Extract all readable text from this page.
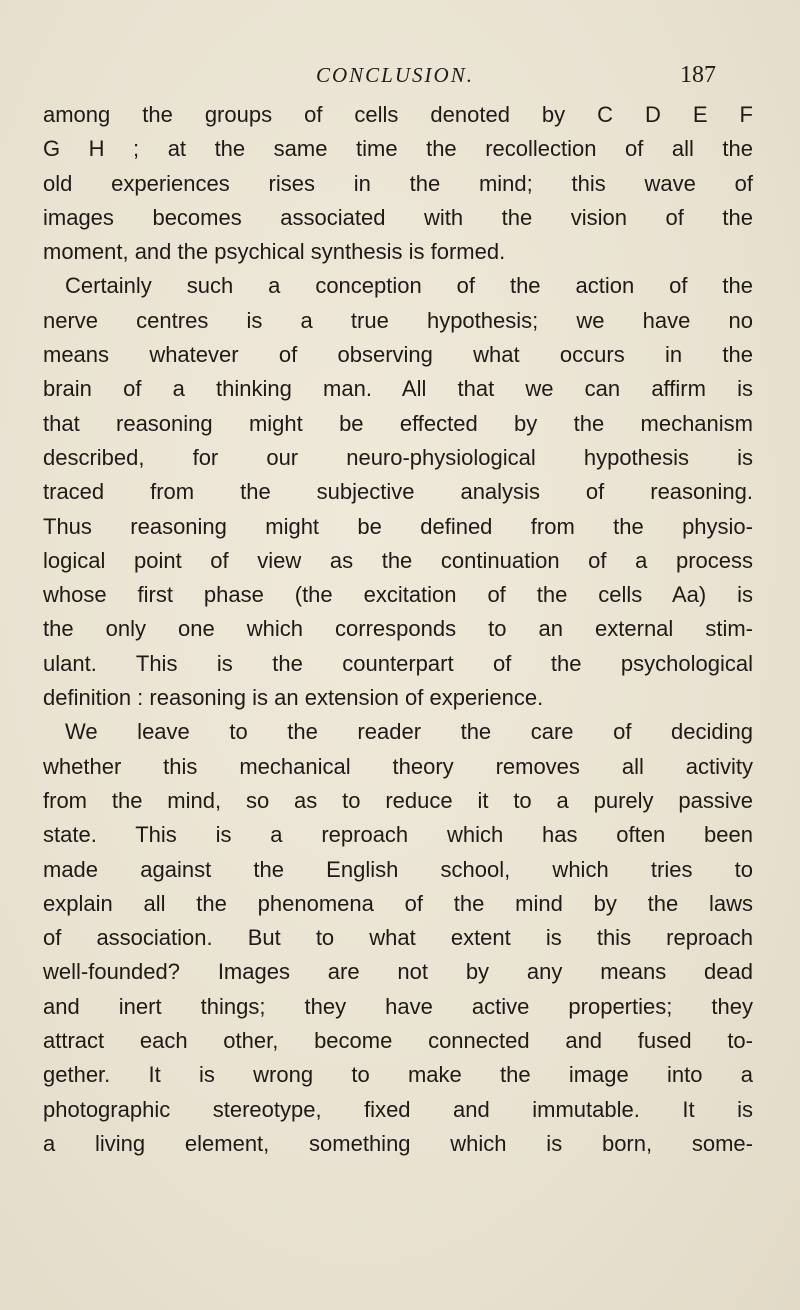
CONCLUSION.	187
among the groups of cells denoted by C D E F
G H ; at the same time the recollection of all the
old experiences rises in the mind; this wave of
images becomes associated with the vision of the
moment, and the psychical synthesis is formed.
Certainly such a conception of the action of the
nerve centres is a true hypothesis; we have no
means whatever of observing what occurs in the
brain of a thinking man. All that we can affirm is
that reasoning might be effected by the mechanism
described, for our neuro-physiological hypothesis is
traced from the subjective analysis of reasoning.
Thus reasoning might be defined from the physio-
logical point of view as the continuation of a process
whose first phase (the excitation of the cells Aa) is
the only one which corresponds to an external stim-
ulant. This is the counterpart of the psychological
definition : reasoning is an extension of experience.
We leave to the reader the care of deciding
whether this mechanical theory removes all activity
from the mind, so as to reduce it to a purely passive
state. This is a reproach which has often been
made against the English school, which tries to
explain all the phenomena of the mind by the laws
of association. But to what extent is this reproach
well-founded? Images are not by any means dead
and inert things; they have active properties; they
attract each other, become connected and fused to-
gether. It is wrong to make the image into a
photographic stereotype, fixed and immutable. It is
a living element, something which is born, some-
